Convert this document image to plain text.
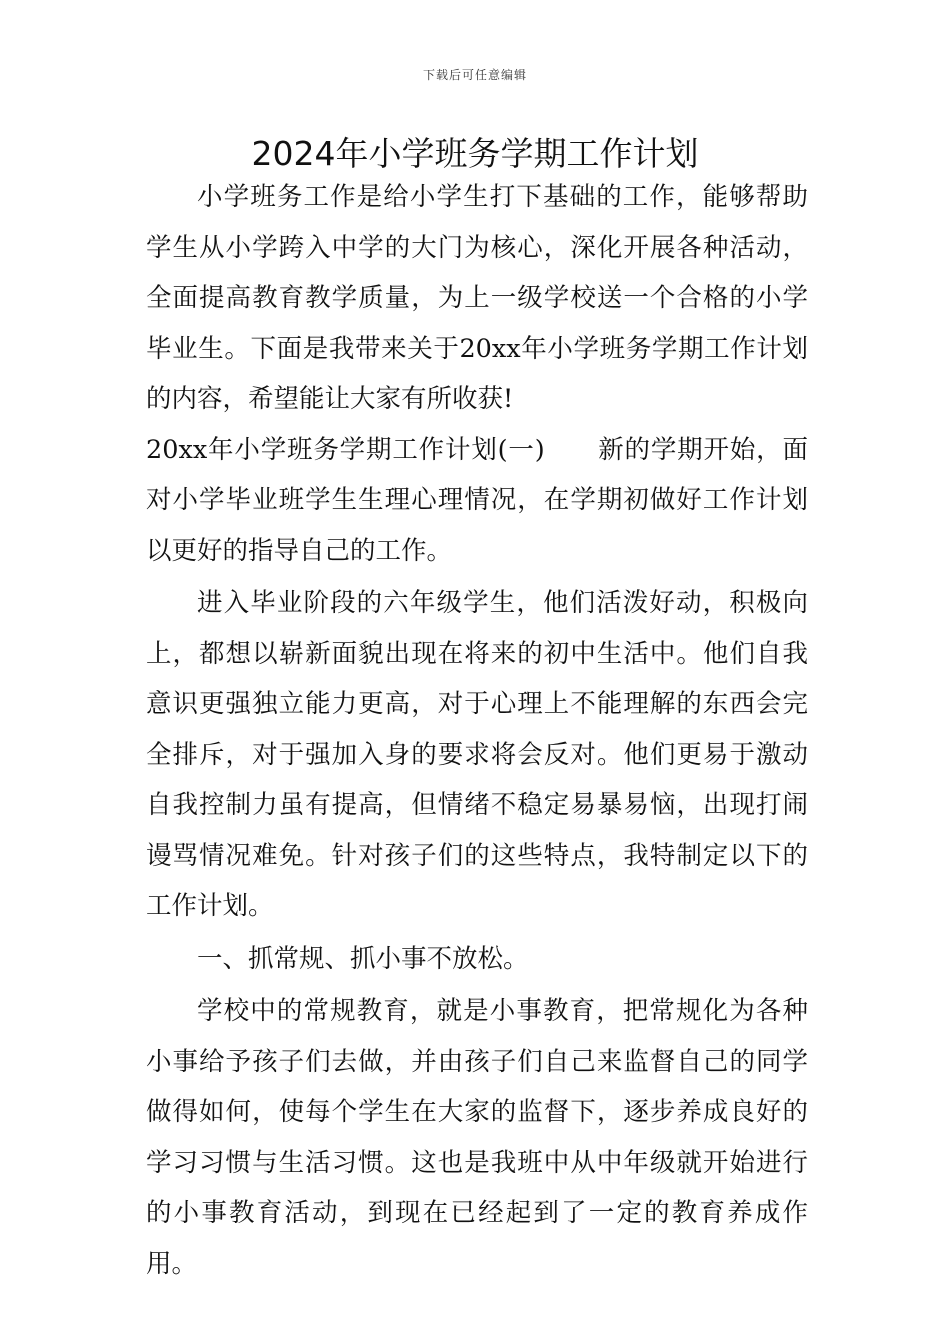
下载后可任意编辑
2024年小学班务学期工作计划

小学班务工作是给小学生打下基础的工作，能够帮助学生从小学跨入中学的大门为核心，深化开展各种活动，全面提高教育教学质量，为上一级学校送一个合格的小学毕业生。下面是我带来关于20xx年小学班务学期工作计划的内容，希望能让大家有所收获!

20xx年小学班务学期工作计划(一)　　新的学期开始，面对小学毕业班学生生理心理情况，在学期初做好工作计划以更好的指导自己的工作。

进入毕业阶段的六年级学生，他们活泼好动，积极向上，都想以崭新面貌出现在将来的初中生活中。他们自我意识更强独立能力更高，对于心理上不能理解的东西会完全排斥，对于强加入身的要求将会反对。他们更易于激动自我控制力虽有提高，但情绪不稳定易暴易恼，出现打闹谩骂情况难免。针对孩子们的这些特点，我特制定以下的工作计划。

一、抓常规、抓小事不放松。

学校中的常规教育，就是小事教育，把常规化为各种小事给予孩子们去做，并由孩子们自己来监督自己的同学做得如何，使每个学生在大家的监督下，逐步养成良好的学习习惯与生活习惯。这也是我班中从中年级就开始进行的小事教育活动，到现在已经起到了一定的教育养成作用。
